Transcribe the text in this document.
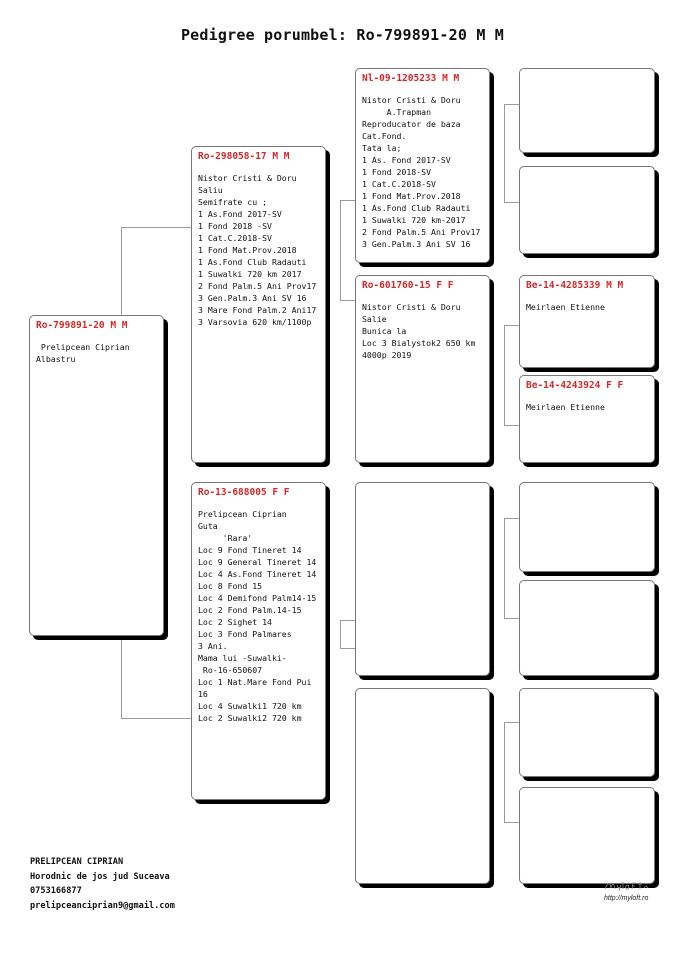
Pedigree porumbel: Ro-799891-20 M M
Ro-799891-20 M M
Prelipcean Ciprian
Albastru
Ro-298058-17 M M
Nistor Cristi & Doru
Saliu
Semifrate cu ;
1 As.Fond 2017-SV
1 Fond 2018 -SV
1 Cat.C.2018-SV
1 Fond Mat.Prov.2018
1 As.Fond Club Radauti
1 Suwalki 720 km 2017
2 Fond Palm.5 Ani Prov17
3 Gen.Palm.3 Ani SV 16
3 Mare Fond Palm.2 Ani17
3 Varsovia 620 km/1100p
Ro-13-688005 F F
Prelipcean Ciprian
Guta
'Rara'
Loc 9 Fond Tineret 14
Loc 9 General Tineret 14
Loc 4 As.Fond Tineret 14
Loc 8 Fond 15
Loc 4 Demifond Palm14-15
Loc 2 Fond Palm.14-15
Loc 2 Sighet 14
Loc 3 Fond Palmares
3 Ani.
Mama lui -Suwalki-
Ro-16-650607
Loc 1 Nat.Mare Fond Pui
16
Loc 4 Suwalki1 720 km
Loc 2 Suwalki2 720 km
Nl-09-1205233 M M
Nistor Cristi & Doru
A.Trapman
Reproducator de baza
Cat.Fond.
Tata la;
1 As. Fond 2017-SV
1 Fond 2018-SV
1 Cat.C.2018-SV
1 Fond Mat.Prov.2018
1 As.Fond Club Radauti
1 Suwalki 720 km-2017
2 Fond Palm.5 Ani Prov17
3 Gen.Palm.3 Ani SV 16
Ro-601760-15 F F
Nistor Cristi & Doru
Salie
Bunica la
Loc 3 Bialystok2 650 km
4000p 2019
Be-14-4285339 M M
Meirlaen Etienne
Be-14-4243924 F F
Meirlaen Etienne
PRELIPCEAN CIPRIAN
Horodnic de jos jud Suceava
0753166877
prelipceanciprian9@gmail.com
http://myloft.ro
